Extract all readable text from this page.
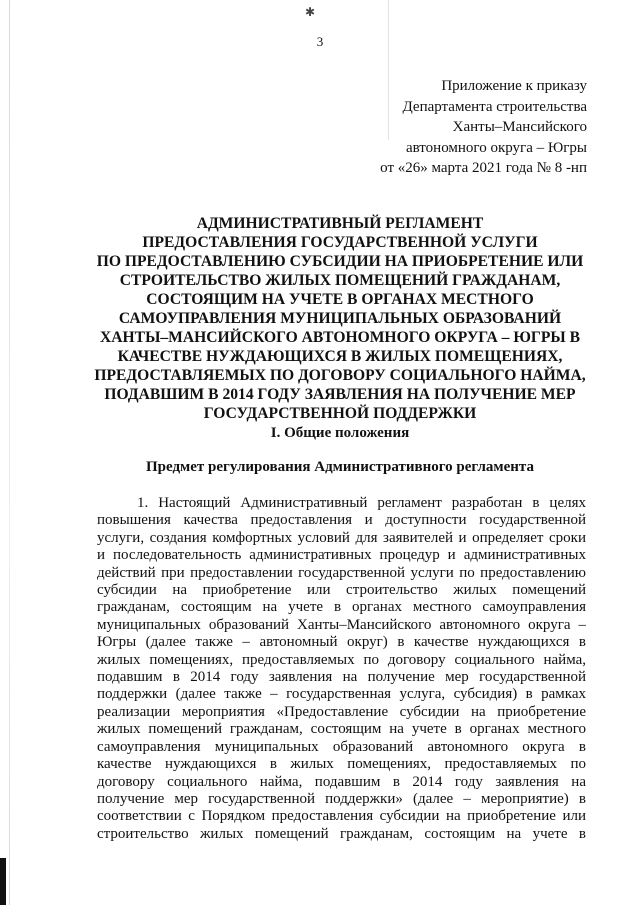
✱
3
Приложение к приказу
Департамента строительства
Ханты–Мансийского
автономного округа – Югры
от «26» марта 2021 года № 8 -нп
АДМИНИСТРАТИВНЫЙ РЕГЛАМЕНТ
ПРЕДОСТАВЛЕНИЯ ГОСУДАРСТВЕННОЙ УСЛУГИ
ПО ПРЕДОСТАВЛЕНИЮ СУБСИДИИ НА ПРИОБРЕТЕНИЕ ИЛИ
СТРОИТЕЛЬСТВО ЖИЛЫХ ПОМЕЩЕНИЙ ГРАЖДАНАМ,
СОСТОЯЩИМ НА УЧЕТЕ В ОРГАНАХ МЕСТНОГО
САМОУПРАВЛЕНИЯ МУНИЦИПАЛЬНЫХ ОБРАЗОВАНИЙ
ХАНТЫ–МАНСИЙСКОГО АВТОНОМНОГО ОКРУГА – ЮГРЫ В
КАЧЕСТВЕ НУЖДАЮЩИХСЯ В ЖИЛЫХ ПОМЕЩЕНИЯХ,
ПРЕДОСТАВЛЯЕМЫХ ПО ДОГОВОРУ СОЦИАЛЬНОГО НАЙМА,
ПОДАВШИМ В 2014 ГОДУ ЗАЯВЛЕНИЯ НА ПОЛУЧЕНИЕ МЕР
ГОСУДАРСТВЕННОЙ ПОДДЕРЖКИ
I. Общие положения
Предмет регулирования Административного регламента
1. Настоящий Административный регламент разработан в целях
повышения качества предоставления и доступности государственной
услуги, создания комфортных условий для заявителей и определяет сроки
и последовательность административных процедур и административных
действий при предоставлении государственной услуги по предоставлению
субсидии на приобретение или строительство жилых помещений
гражданам, состоящим на учете в органах местного самоуправления
муниципальных образований Ханты–Мансийского автономного округа –
Югры (далее также – автономный округ) в качестве нуждающихся в
жилых помещениях, предоставляемых по договору социального найма,
подавшим в 2014 году заявления на получение мер государственной
поддержки (далее также – государственная услуга, субсидия) в рамках
реализации мероприятия «Предоставление субсидии на приобретение
жилых помещений гражданам, состоящим на учете в органах местного
самоуправления муниципальных образований автономного округа в
качестве нуждающихся в жилых помещениях, предоставляемых по
договору социального найма, подавшим в 2014 году заявления на
получение мер государственной поддержки» (далее – мероприятие) в
соответствии с Порядком предоставления субсидии на приобретение или
строительство жилых помещений гражданам, состоящим на учете в
